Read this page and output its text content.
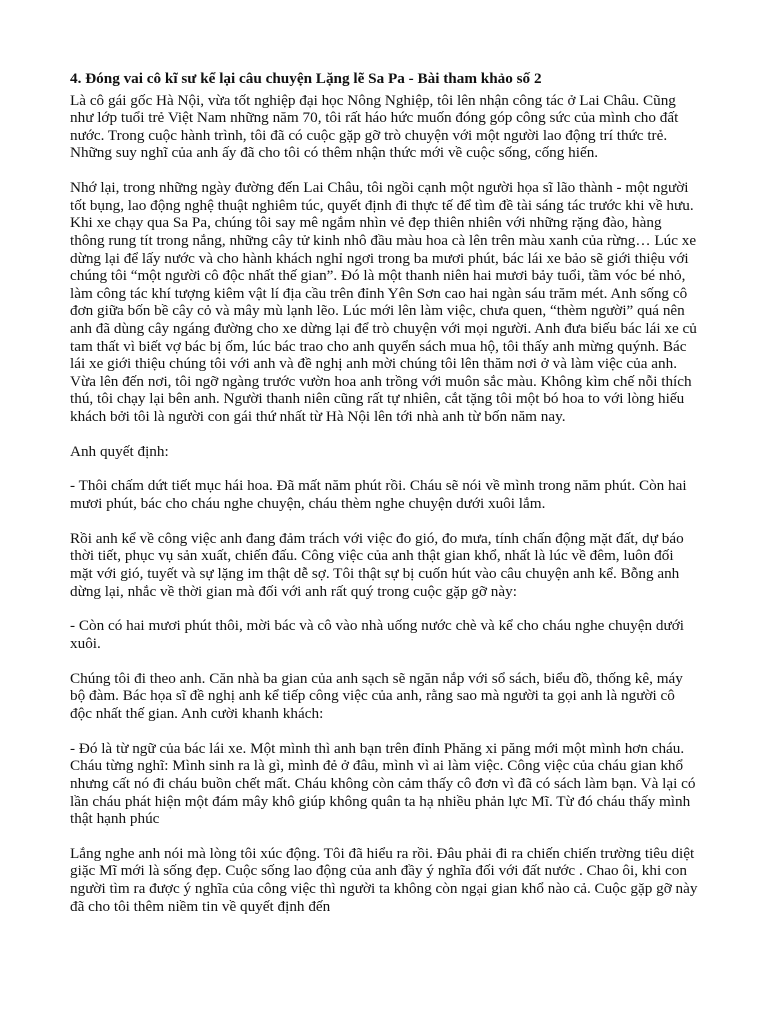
4. Đóng vai cô kĩ sư kể lại câu chuyện Lặng lẽ Sa Pa - Bài tham khảo số 2

Là cô gái gốc Hà Nội, vừa tốt nghiệp đại học Nông Nghiệp, tôi lên nhận công tác ở Lai Châu. Cũng như lớp tuổi trẻ Việt Nam những năm 70, tôi rất háo hức muốn đóng góp công sức của mình cho đất nước. Trong cuộc hành trình, tôi đã có cuộc gặp gỡ trò chuyện với một người lao động trí thức trẻ. Những suy nghĩ của anh ấy đã cho tôi có thêm nhận thức mới về cuộc sống, cống hiến.

Nhớ lại, trong những ngày đường đến Lai Châu, tôi ngồi cạnh một người họa sĩ lão thành - một người tốt bụng, lao động nghệ thuật nghiêm túc, quyết định đi thực tế để tìm đề tài sáng tác trước khi về hưu. Khi xe chạy qua Sa Pa, chúng tôi say mê ngắm nhìn vẻ đẹp thiên nhiên với những rặng đào, hàng thông rung tít trong nắng, những cây tử kinh nhô đầu màu hoa cà lên trên màu xanh của rừng… Lúc xe dừng lại để lấy nước và cho hành khách nghỉ ngơi trong ba mươi phút, bác lái xe bảo sẽ giới thiệu với chúng tôi “một người cô độc nhất thế gian”. Đó là một thanh niên hai mươi bảy tuổi, tầm vóc bé nhỏ, làm công tác khí tượng kiêm vật lí địa cầu trên đỉnh Yên Sơn cao hai ngàn sáu trăm mét. Anh sống cô đơn giữa bốn bề cây cỏ và mây mù lạnh lẽo. Lúc mới lên làm việc, chưa quen, “thèm người” quá nên anh đã dùng cây ngáng đường cho xe dừng lại để trò chuyện với mọi người. Anh đưa biếu bác lái xe củ tam thất vì biết vợ bác bị ốm, lúc bác trao cho anh quyển sách mua hộ, tôi thấy anh mừng quýnh. Bác lái xe giới thiệu chúng tôi với anh và đề nghị anh mời chúng tôi lên thăm nơi ở và làm việc của anh. Vừa lên đến nơi, tôi ngỡ ngàng trước vườn hoa anh trồng với muôn sắc màu. Không kìm chế nỗi thích thú, tôi chạy lại bên anh. Người thanh niên cũng rất tự nhiên, cắt tặng tôi một bó hoa to với lòng hiếu khách bởi tôi là người con gái thứ nhất từ Hà Nội lên tới nhà anh từ bốn năm nay.

Anh quyết định:

- Thôi chấm dứt tiết mục hái hoa. Đã mất năm phút rồi. Cháu sẽ nói về mình trong năm phút. Còn hai mươi phút, bác cho cháu nghe chuyện, cháu thèm nghe chuyện dưới xuôi lắm.

Rồi anh kể về công việc anh đang đảm trách với việc đo gió, đo mưa, tính chấn động mặt đất, dự báo thời tiết, phục vụ sản xuất, chiến đấu. Công việc của anh thật gian khổ, nhất là lúc về đêm, luôn đối mặt với gió, tuyết và sự lặng im thật dễ sợ. Tôi thật sự bị cuốn hút vào câu chuyện anh kể. Bỗng anh dừng lại, nhắc về thời gian mà đối với anh rất quý trong cuộc gặp gỡ này:

- Còn có hai mươi phút thôi, mời bác và cô vào nhà uống nước chè và kể cho cháu nghe chuyện dưới xuôi.

Chúng tôi đi theo anh. Căn nhà ba gian của anh sạch sẽ ngăn nắp với sổ sách, biểu đồ, thống kê, máy bộ đàm. Bác họa sĩ đề nghị anh kể tiếp công việc của anh, rằng sao mà người ta gọi anh là người cô độc nhất thế gian. Anh cười khanh khách:

- Đó là từ ngữ của bác lái xe. Một mình thì anh bạn trên đỉnh Phăng xi păng mới một mình hơn cháu. Cháu từng nghĩ: Mình sinh ra là gì, mình đẻ ở đâu, mình vì ai làm việc. Công việc của cháu gian khổ nhưng cất nó đi cháu buồn chết mất. Cháu không còn cảm thấy cô đơn vì đã có sách làm bạn. Và lại có lần cháu phát hiện một đám mây khô giúp không quân ta hạ nhiều phản lực Mĩ. Từ đó cháu thấy mình thật hạnh phúc

Lắng nghe anh nói mà lòng tôi xúc động. Tôi đã hiểu ra rồi. Đâu phải đi ra chiến chiến trường tiêu diệt giặc Mĩ mới là sống đẹp. Cuộc sống lao động của anh đầy ý nghĩa đối với đất nước . Chao ôi, khi con người tìm ra được ý nghĩa của công việc thì người ta không còn ngại gian khổ nào cả. Cuộc gặp gỡ này đã cho tôi thêm niềm tin về quyết định đến
